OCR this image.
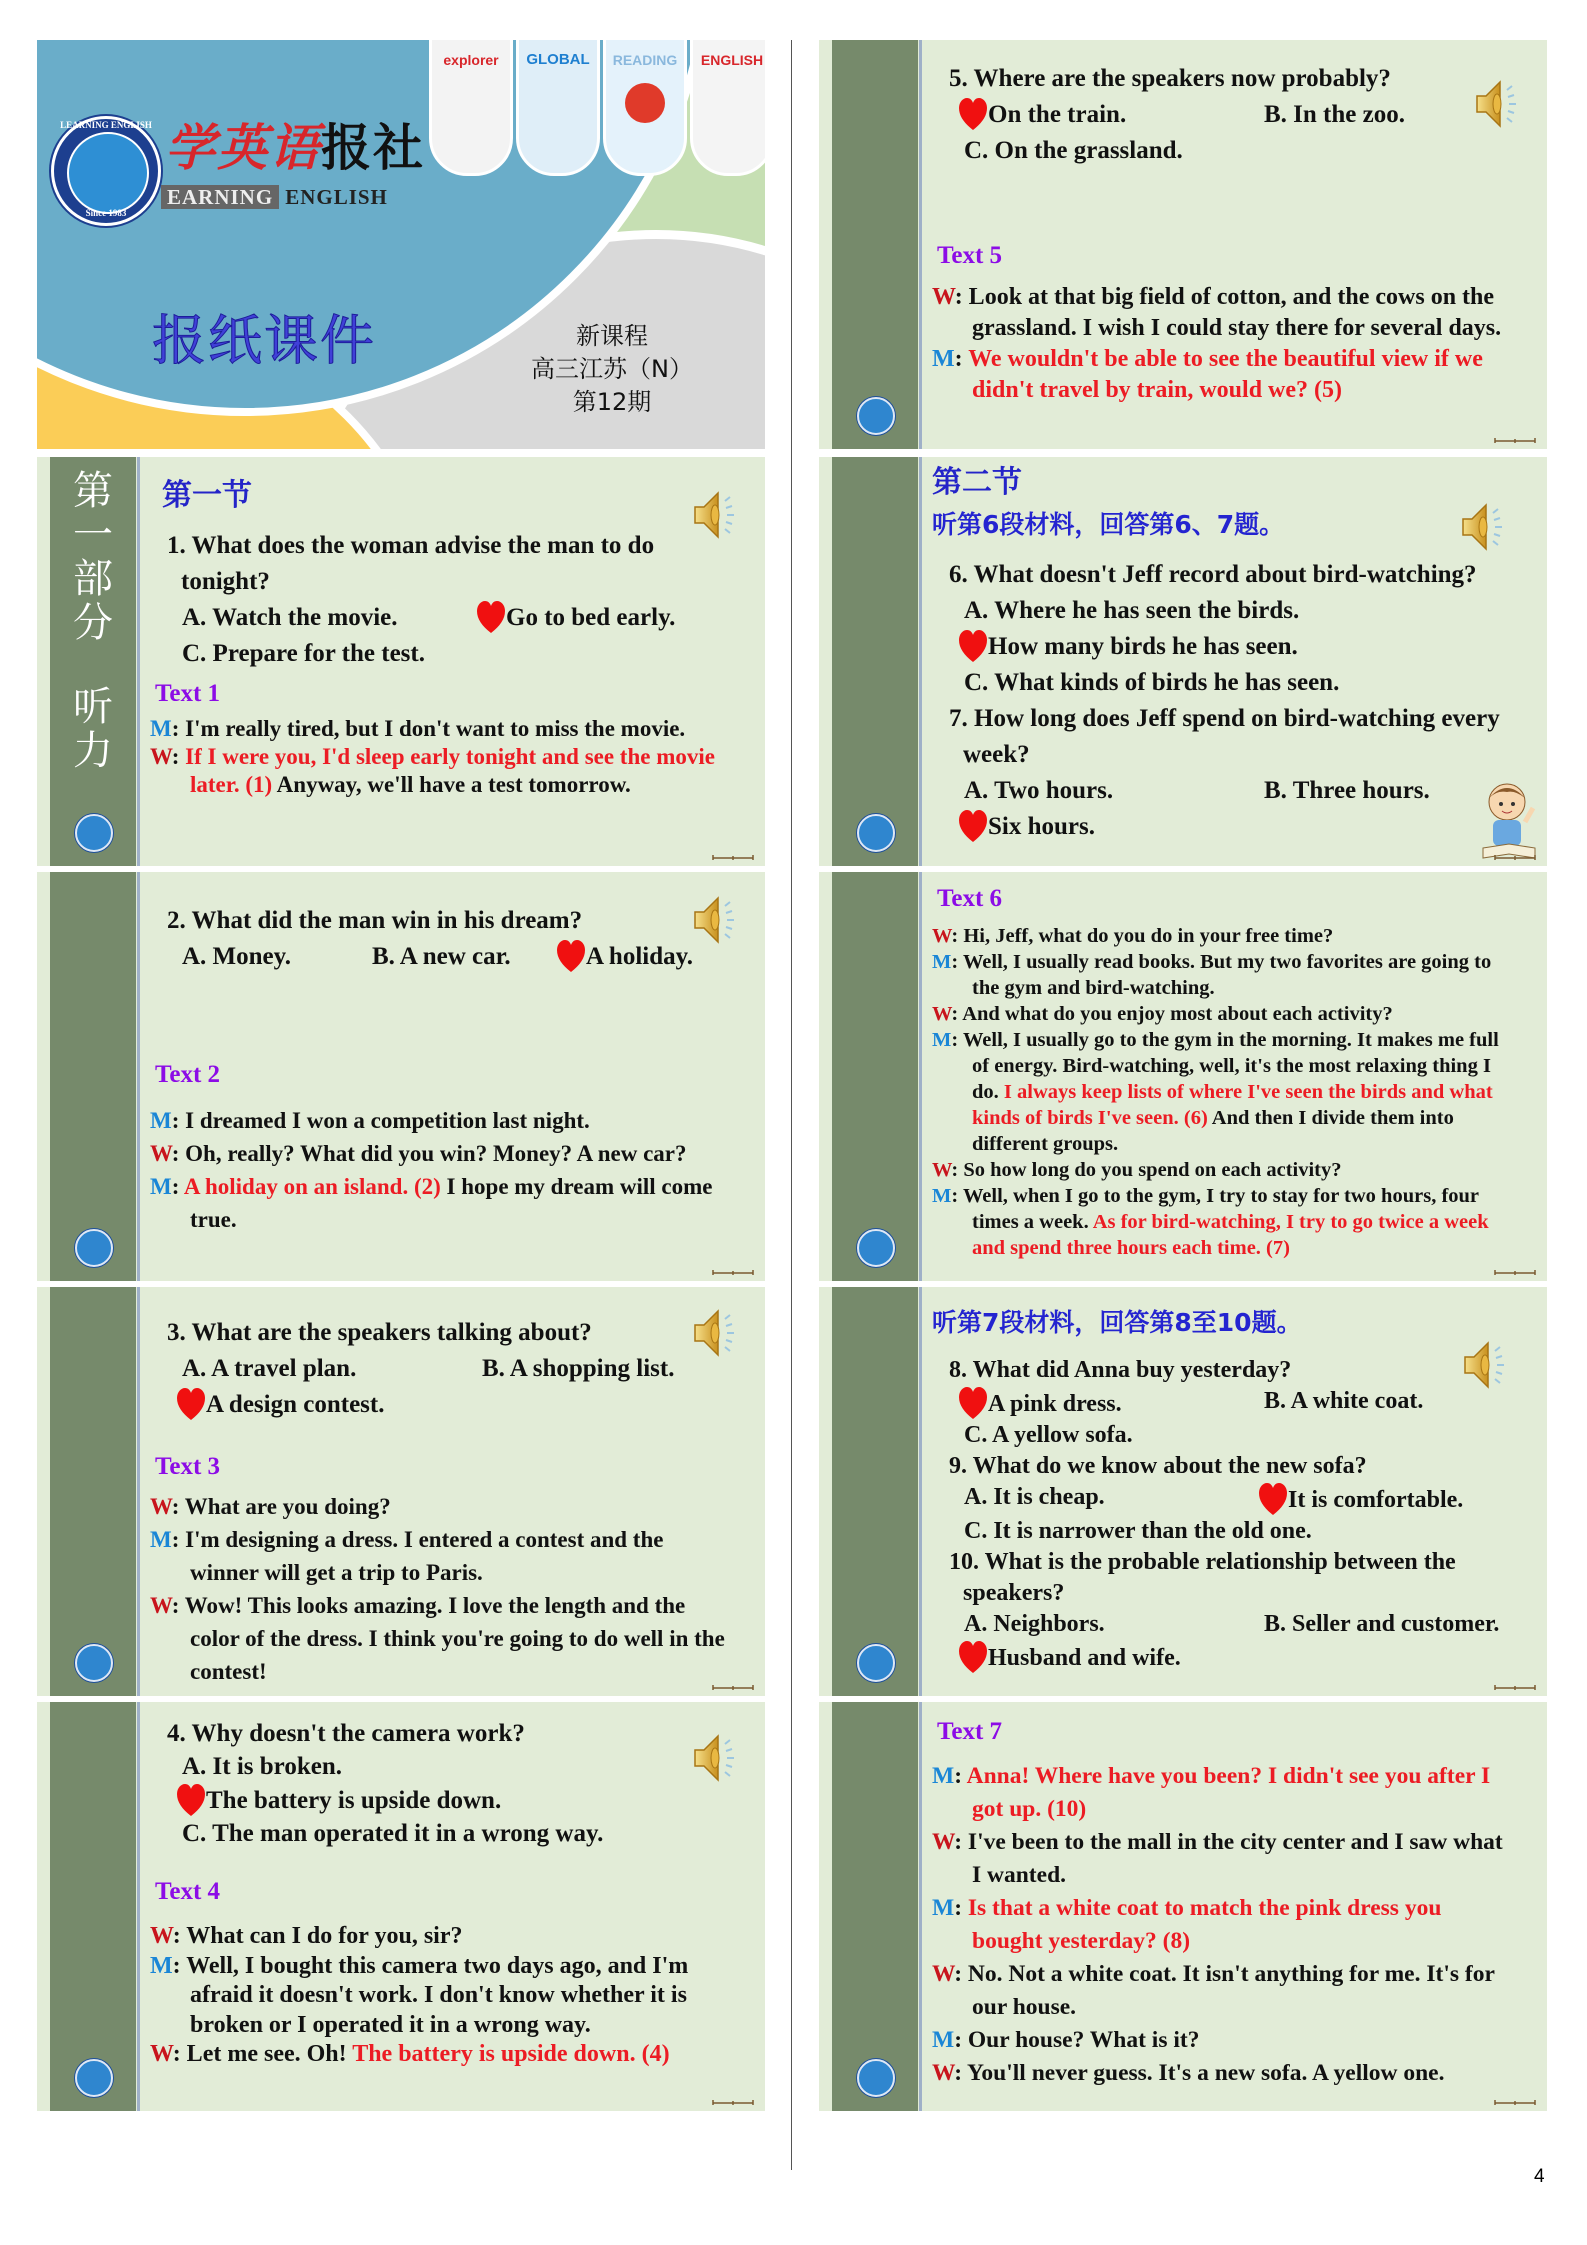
explorer	GLOBAL	READING	ENGLISH
LEARNING ENGLISH
Since 1983
学英语报社
EARNING ENGLISH
报纸课件	新课程
高三江苏（N）
第12期
第
一
部
分
听
力
第一节
1. What does the woman advise the man to do tonight?
A. Watch the movie.	Go to bed early.
C. Prepare for the test.
Text 1
M: I'm really tired, but I don't want to miss the movie.
W: If I were you, I'd sleep early tonight and see the movie later. (1) Anyway, we'll have a test tomorrow.
2. What did the man win in his dream?
A. Money.	B. A new car.	A holiday.
Text 2
M: I dreamed I won a competition last night.
W: Oh, really? What did you win? Money? A new car?
M: A holiday on an island. (2) I hope my dream will come true.
3. What are the speakers talking about?
A. A travel plan.	B. A shopping list.
A design contest.
Text 3
W: What are you doing?
M: I'm designing a dress. I entered a contest and the winner will get a trip to Paris.
W: Wow! This looks amazing. I love the length and the color of the dress. I think you're going to do well in the contest!
4. Why doesn't the camera work?
A. It is broken.
The battery is upside down.
C. The man operated it in a wrong way.
Text 4
W: What can I do for you, sir?
M: Well, I bought this camera two days ago, and I'm afraid it doesn't work. I don't know whether it is broken or I operated it in a wrong way.
W: Let me see. Oh! The battery is upside down. (4)
5. Where are the speakers now probably?
On the train.	B. In the zoo.
C. On the grassland.
Text 5
W: Look at that big field of cotton, and the cows on the grassland. I wish I could stay there for several days.
M: We wouldn't be able to see the beautiful view if we didn't travel by train, would we? (5)
第二节
听第6段材料，回答第6、7题。
6. What doesn't Jeff record about bird-watching?
A. Where he has seen the birds.
How many birds he has seen.
C. What kinds of birds he has seen.
7. How long does Jeff spend on bird-watching every week?
A. Two hours.	B. Three hours.
Six hours.
Text 6
W: Hi, Jeff, what do you do in your free time?
M: Well, I usually read books. But my two favorites are going to the gym and bird-watching.
W: And what do you enjoy most about each activity?
M: Well, I usually go to the gym in the morning. It makes me full of energy. Bird-watching, well, it's the most relaxing thing I do. I always keep lists of where I've seen the birds and what kinds of birds I've seen. (6) And then I divide them into different groups.
W: So how long do you spend on each activity?
M: Well, when I go to the gym, I try to stay for two hours, four times a week. As for bird-watching, I try to go twice a week and spend three hours each time. (7)
听第7段材料，回答第8至10题。
8. What did Anna buy yesterday?
A pink dress.	B. A white coat.
C. A yellow sofa.
9. What do we know about the new sofa?
A. It is cheap.	It is comfortable.
C. It is narrower than the old one.
10. What is the probable relationship between the speakers?
A. Neighbors.	B. Seller and customer.
Husband and wife.
Text 7
M: Anna! Where have you been? I didn't see you after I got up. (10)
W: I've been to the mall in the city center and I saw what I wanted.
M: Is that a white coat to match the pink dress you bought yesterday? (8)
W: No. Not a white coat. It isn't anything for me. It's for our house.
M: Our house? What is it?
W: You'll never guess. It's a new sofa. A yellow one.
4
